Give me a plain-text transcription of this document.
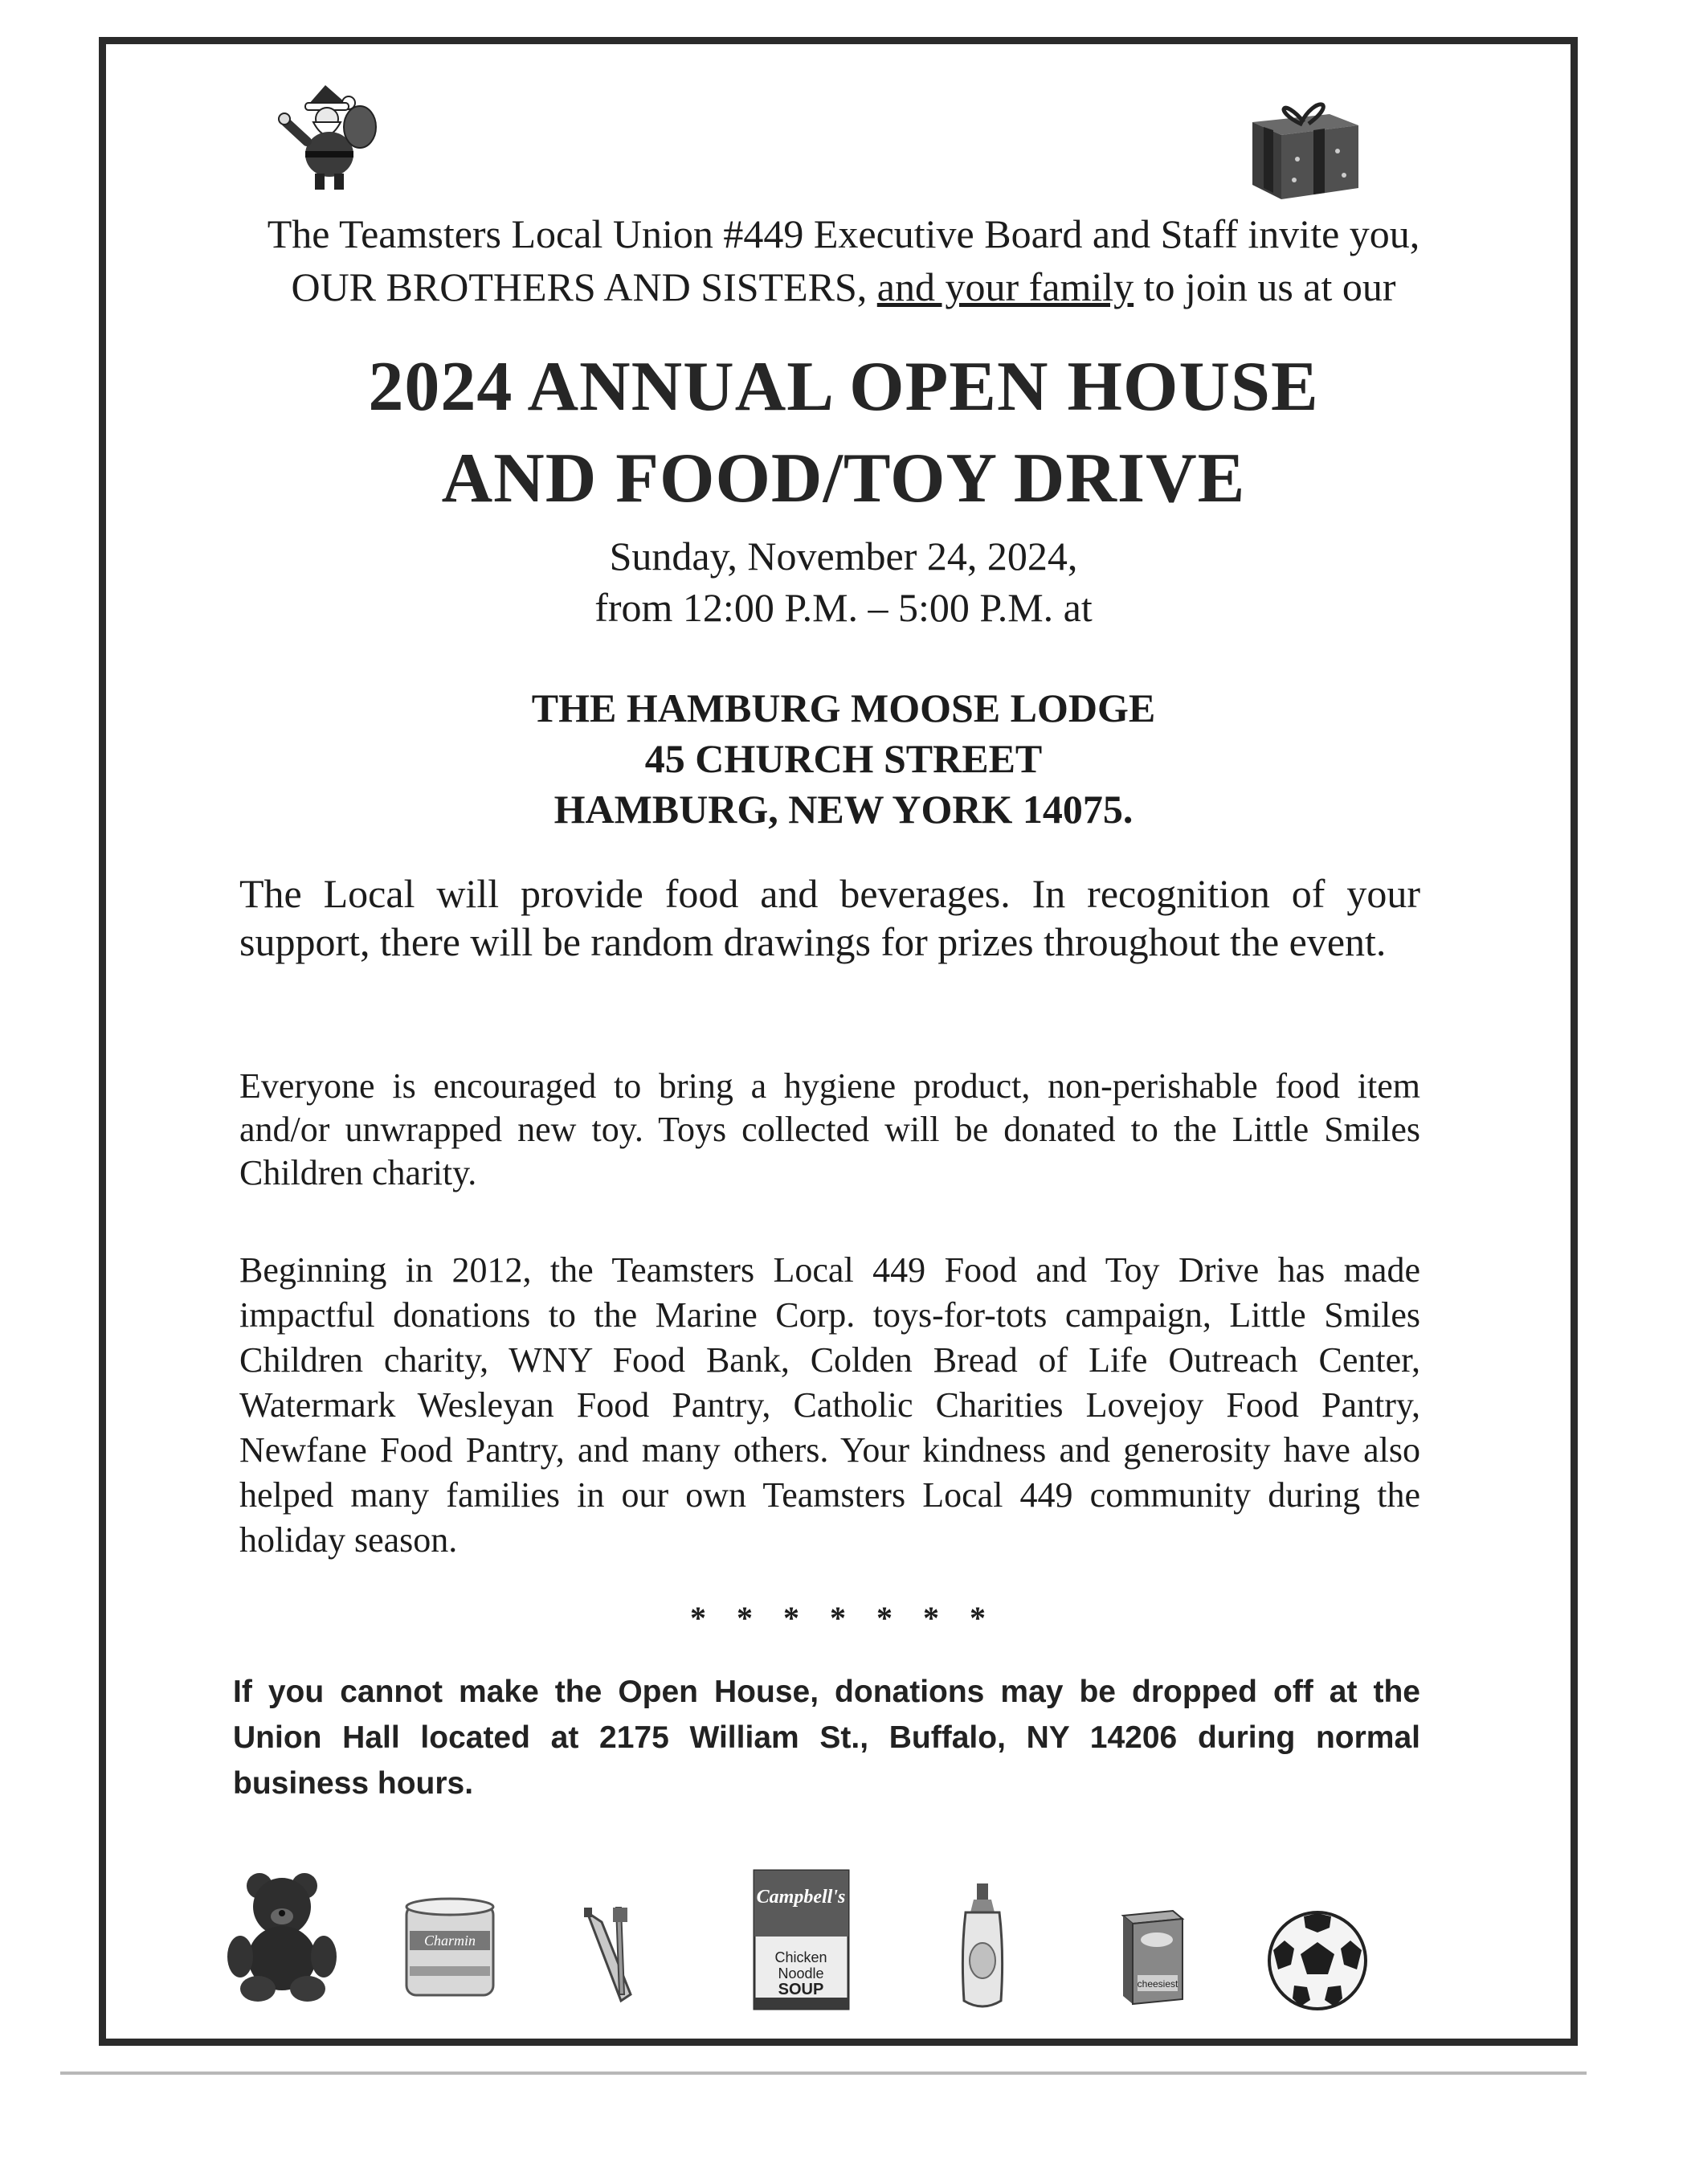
The Teamsters Local Union #449 Executive Board and Staff invite you,
OUR BROTHERS AND SISTERS, and your family to join us at our
2024 ANNUAL OPEN HOUSE
AND FOOD/TOY DRIVE
Sunday, November 24, 2024,
from 12:00 P.M. – 5:00 P.M. at
THE HAMBURG MOOSE LODGE
45 CHURCH STREET
HAMBURG, NEW YORK 14075.
The Local will provide food and beverages. In recognition of your support, there will be random drawings for prizes throughout the event.
Everyone is encouraged to bring a hygiene product, non-perishable food item and/or unwrapped new toy. Toys collected will be donated to the Little Smiles Children charity.
Beginning in 2012, the Teamsters Local 449 Food and Toy Drive has made impactful donations to the Marine Corp. toys-for-tots campaign, Little Smiles Children charity, WNY Food Bank, Colden Bread of Life Outreach Center, Watermark Wesleyan Food Pantry, Catholic Charities Lovejoy Food Pantry, Newfane Food Pantry, and many others. Your kindness and generosity have also helped many families in our own Teamsters Local 449 community during the holiday season.
* * * * * * *
If you cannot make the Open House, donations may be dropped off at the Union Hall located at 2175 William St., Buffalo, NY 14206 during normal business hours.
Charmin
Campbell's
Chicken
Noodle
SOUP	cheesiest
